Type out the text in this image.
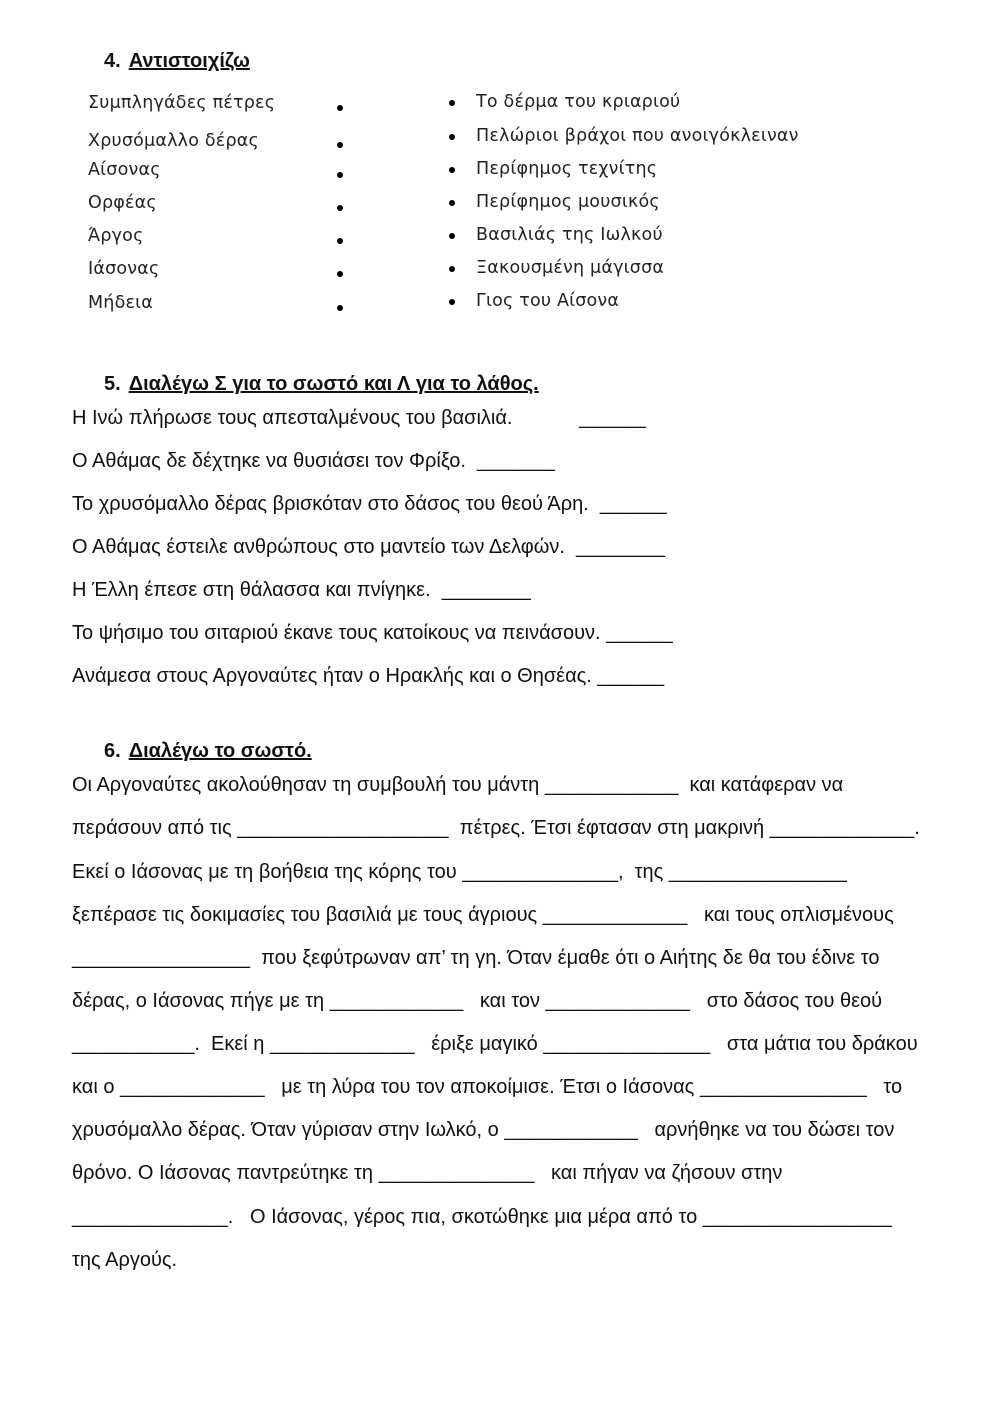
4. Αντιστοιχίζω
Συμπληγάδες πέτρες
Χρυσόμαλλο δέρας
Αίσονας
Ορφέας
Άργος
Ιάσονας
Μήδεια
Το δέρμα του κριαριού
Πελώριοι βράχοι που ανοιγόκλειναν
Περίφημος τεχνίτης
Περίφημος μουσικός
Βασιλιάς της Ιωλκού
Ξακουσμένη μάγισσα
Γιος του Αίσονα
5. Διαλέγω Σ για το σωστό και Λ για το λάθος.
Η Ινώ πλήρωσε τους απεσταλμένους του βασιλιά.            ______
Ο Αθάμας δε δέχτηκε να θυσιάσει τον Φρίξο.  _______
Το χρυσόμαλλο δέρας βρισκόταν στο δάσος του θεού Άρη.  ______
Ο Αθάμας έστειλε ανθρώπους στο μαντείο των Δελφών.  ________
Η Έλλη έπεσε στη θάλασσα και πνίγηκε.  ________
Το ψήσιμο του σιταριού έκανε τους κατοίκους να πεινάσουν. ______
Ανάμεσα στους Αργοναύτες ήταν ο Ηρακλής και ο Θησέας. ______
6. Διαλέγω το σωστό.
Οι Αργοναύτες ακολούθησαν τη συμβουλή του μάντη ____________  και κατάφεραν να
περάσουν από τις ___________________  πέτρες. Έτσι έφτασαν στη μακρινή _____________.
Εκεί ο Ιάσονας με τη βοήθεια της κόρης του ______________,  της ________________
ξεπέρασε τις δοκιμασίες του βασιλιά με τους άγριους _____________   και τους οπλισμένους
________________  που ξεφύτρωναν απ’ τη γη. Όταν έμαθε ότι ο Αιήτης δε θα του έδινε το
δέρας, ο Ιάσονας πήγε με τη ____________   και τον _____________   στο δάσος του θεού
___________.  Εκεί η _____________   έριξε μαγικό _______________   στα μάτια του δράκου
και ο _____________   με τη λύρα του τον αποκοίμισε. Έτσι ο Ιάσονας _______________   το
χρυσόμαλλο δέρας. Όταν γύρισαν στην Ιωλκό, ο ____________   αρνήθηκε να του δώσει τον
θρόνο. Ο Ιάσονας παντρεύτηκε τη ______________   και πήγαν να ζήσουν στην
______________.   Ο Ιάσονας, γέρος πια, σκοτώθηκε μια μέρα από το _________________
της Αργούς.
